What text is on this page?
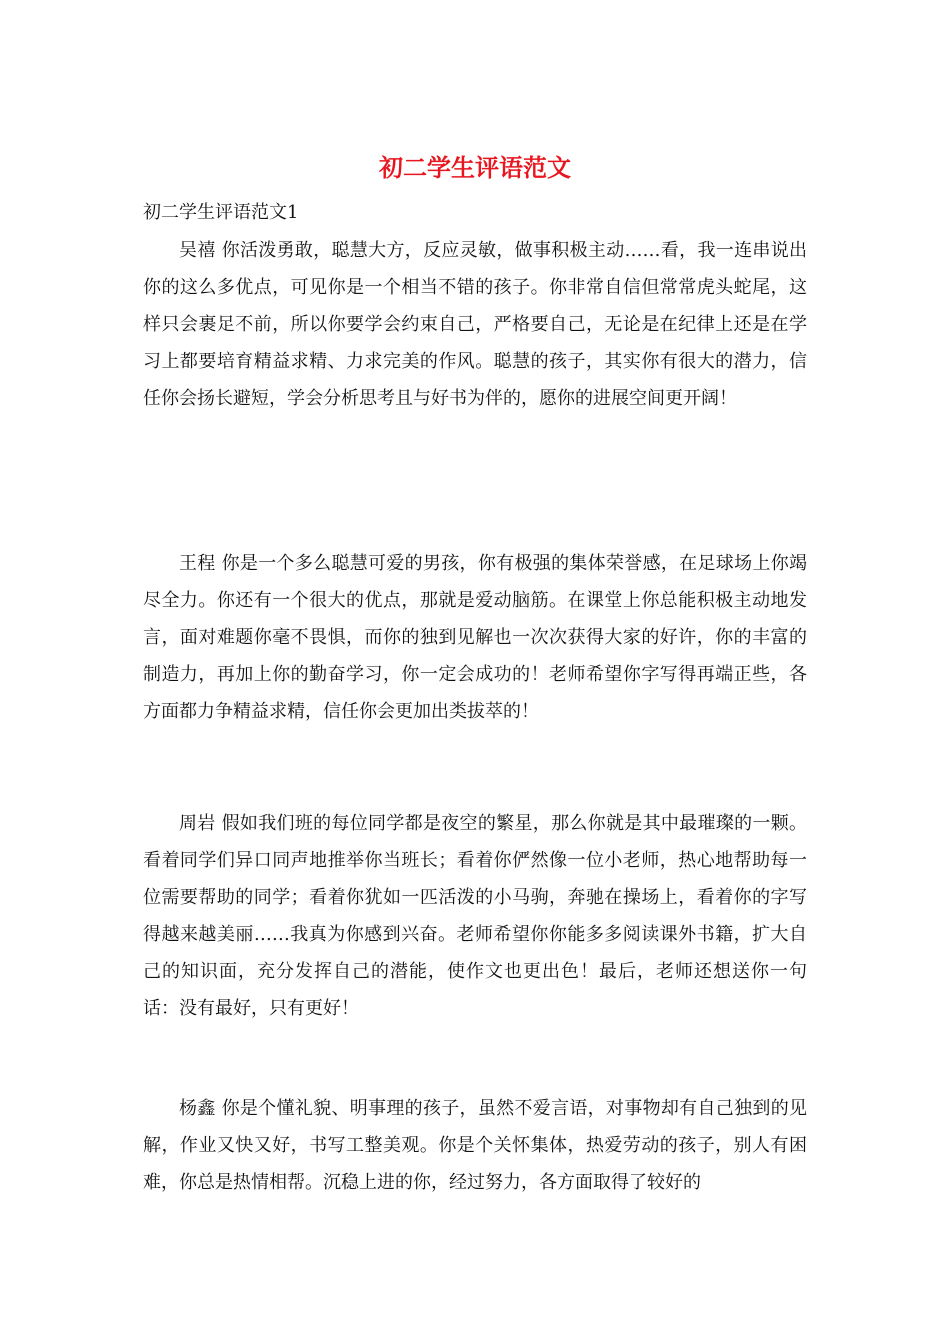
初二学生评语范文
初二学生评语范文1

吴禧 你活泼勇敢，聪慧大方，反应灵敏，做事积极主动……看，我一连串说出你的这么多优点，可见你是一个相当不错的孩子。你非常自信但常常虎头蛇尾，这样只会裹足不前，所以你要学会约束自己，严格要自己，无论是在纪律上还是在学习上都要培育精益求精、力求完美的作风。聪慧的孩子，其实你有很大的潜力，信任你会扬长避短，学会分析思考且与好书为伴的，愿你的进展空间更开阔！

王程 你是一个多么聪慧可爱的男孩，你有极强的集体荣誉感，在足球场上你竭尽全力。你还有一个很大的优点，那就是爱动脑筋。在课堂上你总能积极主动地发言，面对难题你毫不畏惧，而你的独到见解也一次次获得大家的好许，你的丰富的制造力，再加上你的勤奋学习，你一定会成功的！老师希望你字写得再端正些，各方面都力争精益求精，信任你会更加出类拔萃的！

周岩 假如我们班的每位同学都是夜空的繁星，那么你就是其中最璀璨的一颗。看着同学们异口同声地推举你当班长；看着你俨然像一位小老师，热心地帮助每一位需要帮助的同学；看着你犹如一匹活泼的小马驹，奔驰在操场上，看着你的字写得越来越美丽……我真为你感到兴奋。老师希望你你能多多阅读课外书籍，扩大自己的知识面，充分发挥自己的潜能，使作文也更出色！最后，老师还想送你一句话：没有最好，只有更好！

杨鑫 你是个懂礼貌、明事理的孩子，虽然不爱言语，对事物却有自己独到的见解，作业又快又好，书写工整美观。你是个关怀集体，热爱劳动的孩子，别人有困难，你总是热情相帮。沉稳上进的你，经过努力，各方面取得了较好的
